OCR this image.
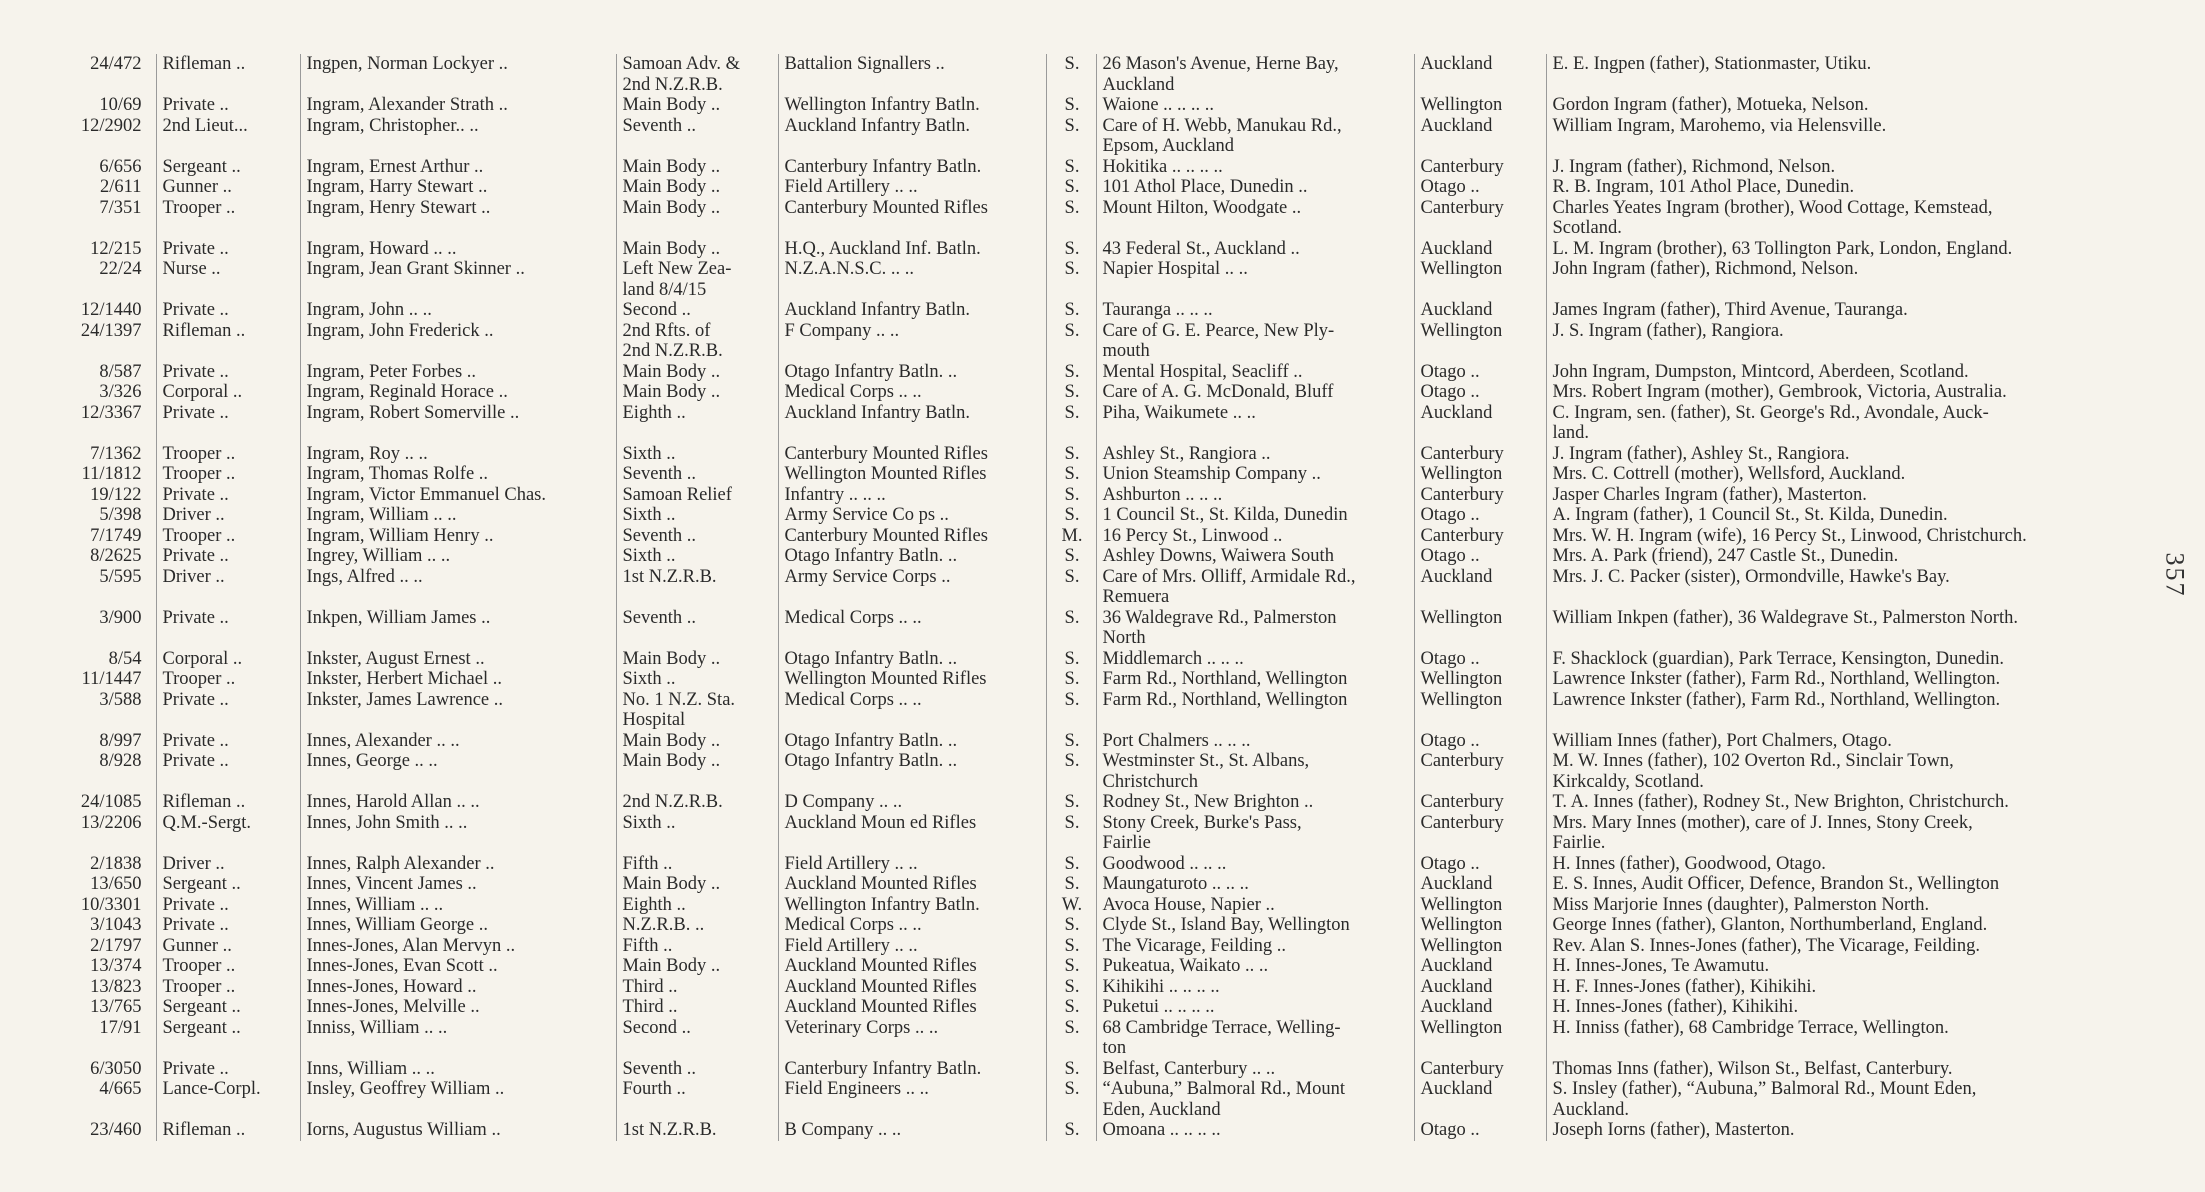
24/472	Rifleman ..	Ingpen, Norman Lockyer ..	Samoan Adv. &
2nd N.Z.R.B.	Battalion Signallers ..	S.	26 Mason's Avenue, Herne Bay,
Auckland	Auckland	E. E. Ingpen (father), Stationmaster, Utiku.
10/69	Private ..	Ingram, Alexander Strath ..	Main Body ..	Wellington Infantry Batln.	S.	Waione .. .. .. ..	Wellington	Gordon Ingram (father), Motueka, Nelson.
12/2902	2nd Lieut...	Ingram, Christopher.. ..	Seventh ..	Auckland Infantry Batln.	S.	Care of H. Webb, Manukau Rd.,
Epsom, Auckland	Auckland	William Ingram, Marohemo, via Helensville.
6/656	Sergeant ..	Ingram, Ernest Arthur ..	Main Body ..	Canterbury Infantry Batln.	S.	Hokitika .. .. .. ..	Canterbury	J. Ingram (father), Richmond, Nelson.
2/611	Gunner ..	Ingram, Harry Stewart ..	Main Body ..	Field Artillery .. ..	S.	101 Athol Place, Dunedin ..	Otago ..	R. B. Ingram, 101 Athol Place, Dunedin.
7/351	Trooper ..	Ingram, Henry Stewart ..	Main Body ..	Canterbury Mounted Rifles	S.	Mount Hilton, Woodgate ..	Canterbury	Charles Yeates Ingram (brother), Wood Cottage, Kemstead,
Scotland.
12/215	Private ..	Ingram, Howard .. ..	Main Body ..	H.Q., Auckland Inf. Batln.	S.	43 Federal St., Auckland ..	Auckland	L. M. Ingram (brother), 63 Tollington Park, London, England.
22/24	Nurse ..	Ingram, Jean Grant Skinner ..	Left New Zea-
land 8/4/15	N.Z.A.N.S.C. .. ..	S.	Napier Hospital .. ..	Wellington	John Ingram (father), Richmond, Nelson.
12/1440	Private ..	Ingram, John .. ..	Second ..	Auckland Infantry Batln.	S.	Tauranga .. .. ..	Auckland	James Ingram (father), Third Avenue, Tauranga.
24/1397	Rifleman ..	Ingram, John Frederick ..	2nd Rfts. of
2nd N.Z.R.B.	F Company .. ..	S.	Care of G. E. Pearce, New Ply-
mouth	Wellington	J. S. Ingram (father), Rangiora.
8/587	Private ..	Ingram, Peter Forbes ..	Main Body ..	Otago Infantry Batln. ..	S.	Mental Hospital, Seacliff ..	Otago ..	John Ingram, Dumpston, Mintcord, Aberdeen, Scotland.
3/326	Corporal ..	Ingram, Reginald Horace ..	Main Body ..	Medical Corps .. ..	S.	Care of A. G. McDonald, Bluff	Otago ..	Mrs. Robert Ingram (mother), Gembrook, Victoria, Australia.
12/3367	Private ..	Ingram, Robert Somerville ..	Eighth ..	Auckland Infantry Batln.	S.	Piha, Waikumete .. ..	Auckland	C. Ingram, sen. (father), St. George's Rd., Avondale, Auck-
land.
7/1362	Trooper ..	Ingram, Roy .. ..	Sixth ..	Canterbury Mounted Rifles	S.	Ashley St., Rangiora ..	Canterbury	J. Ingram (father), Ashley St., Rangiora.
11/1812	Trooper ..	Ingram, Thomas Rolfe ..	Seventh ..	Wellington Mounted Rifles	S.	Union Steamship Company ..	Wellington	Mrs. C. Cottrell (mother), Wellsford, Auckland.
19/122	Private ..	Ingram, Victor Emmanuel Chas.	Samoan Relief	Infantry .. .. ..	S.	Ashburton .. .. ..	Canterbury	Jasper Charles Ingram (father), Masterton.
5/398	Driver ..	Ingram, William .. ..	Sixth ..	Army Service Co ps ..	S.	1 Council St., St. Kilda, Dunedin	Otago ..	A. Ingram (father), 1 Council St., St. Kilda, Dunedin.
7/1749	Trooper ..	Ingram, William Henry ..	Seventh ..	Canterbury Mounted Rifles	M.	16 Percy St., Linwood ..	Canterbury	Mrs. W. H. Ingram (wife), 16 Percy St., Linwood, Christchurch.
8/2625	Private ..	Ingrey, William .. ..	Sixth ..	Otago Infantry Batln. ..	S.	Ashley Downs, Waiwera South	Otago ..	Mrs. A. Park (friend), 247 Castle St., Dunedin.
5/595	Driver ..	Ings, Alfred .. ..	1st N.Z.R.B.	Army Service Corps ..	S.	Care of Mrs. Olliff, Armidale Rd.,
Remuera	Auckland	Mrs. J. C. Packer (sister), Ormondville, Hawke's Bay.
3/900	Private ..	Inkpen, William James ..	Seventh ..	Medical Corps .. ..	S.	36 Waldegrave Rd., Palmerston
North	Wellington	William Inkpen (father), 36 Waldegrave St., Palmerston North.
8/54	Corporal ..	Inkster, August Ernest ..	Main Body ..	Otago Infantry Batln. ..	S.	Middlemarch .. .. ..	Otago ..	F. Shacklock (guardian), Park Terrace, Kensington, Dunedin.
11/1447	Trooper ..	Inkster, Herbert Michael ..	Sixth ..	Wellington Mounted Rifles	S.	Farm Rd., Northland, Wellington	Wellington	Lawrence Inkster (father), Farm Rd., Northland, Wellington.
3/588	Private ..	Inkster, James Lawrence ..	No. 1 N.Z. Sta.
Hospital	Medical Corps .. ..	S.	Farm Rd., Northland, Wellington	Wellington	Lawrence Inkster (father), Farm Rd., Northland, Wellington.
8/997	Private ..	Innes, Alexander .. ..	Main Body ..	Otago Infantry Batln. ..	S.	Port Chalmers .. .. ..	Otago ..	William Innes (father), Port Chalmers, Otago.
8/928	Private ..	Innes, George .. ..	Main Body ..	Otago Infantry Batln. ..	S.	Westminster St., St. Albans,
Christchurch	Canterbury	M. W. Innes (father), 102 Overton Rd., Sinclair Town,
Kirkcaldy, Scotland.
24/1085	Rifleman ..	Innes, Harold Allan .. ..	2nd N.Z.R.B.	D Company .. ..	S.	Rodney St., New Brighton ..	Canterbury	T. A. Innes (father), Rodney St., New Brighton, Christchurch.
13/2206	Q.M.-Sergt.	Innes, John Smith .. ..	Sixth ..	Auckland Moun ed Rifles	S.	Stony Creek, Burke's Pass,
Fairlie	Canterbury	Mrs. Mary Innes (mother), care of J. Innes, Stony Creek,
Fairlie.
2/1838	Driver ..	Innes, Ralph Alexander ..	Fifth ..	Field Artillery .. ..	S.	Goodwood .. .. ..	Otago ..	H. Innes (father), Goodwood, Otago.
13/650	Sergeant ..	Innes, Vincent James ..	Main Body ..	Auckland Mounted Rifles	S.	Maungaturoto .. .. ..	Auckland	E. S. Innes, Audit Officer, Defence, Brandon St., Wellington
10/3301	Private ..	Innes, William .. ..	Eighth ..	Wellington Infantry Batln.	W.	Avoca House, Napier ..	Wellington	Miss Marjorie Innes (daughter), Palmerston North.
3/1043	Private ..	Innes, William George ..	N.Z.R.B. ..	Medical Corps .. ..	S.	Clyde St., Island Bay, Wellington	Wellington	George Innes (father), Glanton, Northumberland, England.
2/1797	Gunner ..	Innes-Jones, Alan Mervyn ..	Fifth ..	Field Artillery .. ..	S.	The Vicarage, Feilding ..	Wellington	Rev. Alan S. Innes-Jones (father), The Vicarage, Feilding.
13/374	Trooper ..	Innes-Jones, Evan Scott ..	Main Body ..	Auckland Mounted Rifles	S.	Pukeatua, Waikato .. ..	Auckland	H. Innes-Jones, Te Awamutu.
13/823	Trooper ..	Innes-Jones, Howard ..	Third ..	Auckland Mounted Rifles	S.	Kihikihi .. .. .. ..	Auckland	H. F. Innes-Jones (father), Kihikihi.
13/765	Sergeant ..	Innes-Jones, Melville ..	Third ..	Auckland Mounted Rifles	S.	Puketui .. .. .. ..	Auckland	H. Innes-Jones (father), Kihikihi.
17/91	Sergeant ..	Inniss, William .. ..	Second ..	Veterinary Corps .. ..	S.	68 Cambridge Terrace, Welling-
ton	Wellington	H. Inniss (father), 68 Cambridge Terrace, Wellington.
6/3050	Private ..	Inns, William .. ..	Seventh ..	Canterbury Infantry Batln.	S.	Belfast, Canterbury .. ..	Canterbury	Thomas Inns (father), Wilson St., Belfast, Canterbury.
4/665	Lance-Corpl.	Insley, Geoffrey William ..	Fourth ..	Field Engineers .. ..	S.	“Aubuna,” Balmoral Rd., Mount
Eden, Auckland	Auckland	S. Insley (father), “Aubuna,” Balmoral Rd., Mount Eden,
Auckland.
23/460	Rifleman ..	Iorns, Augustus William ..	1st N.Z.R.B.	B Company .. ..	S.	Omoana .. .. .. ..	Otago ..	Joseph Iorns (father), Masterton.
357
